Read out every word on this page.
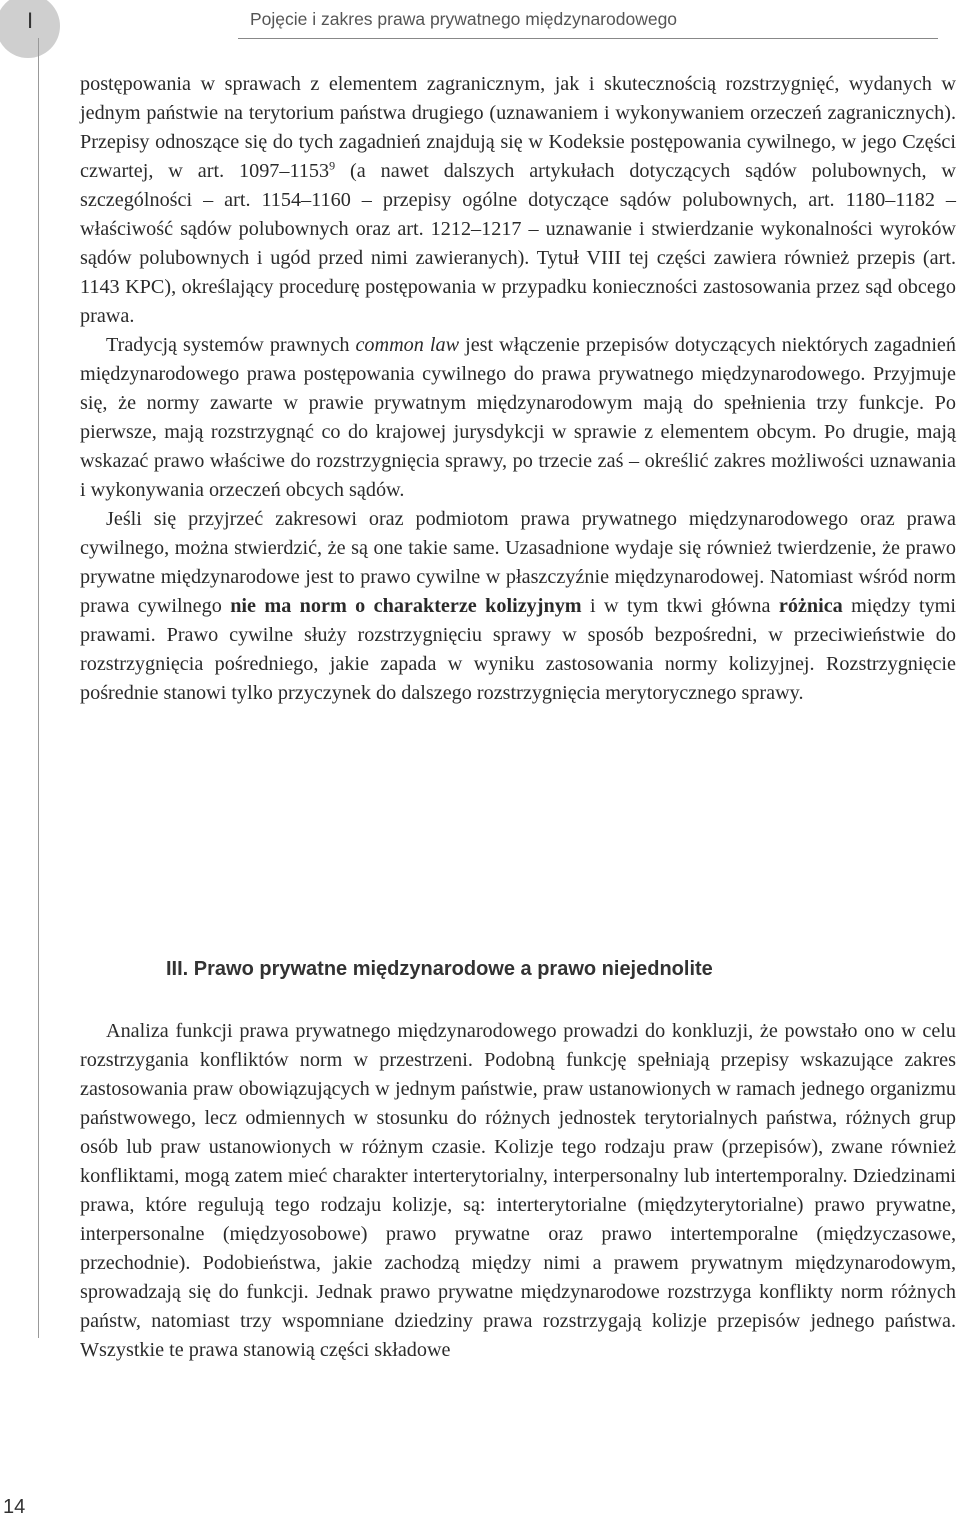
I	Pojęcie i zakres prawa prywatnego międzynarodowego

postępowania w sprawach z elementem zagranicznym, jak i skutecznością rozstrzygnięć, wydanych w jednym państwie na terytorium państwa drugiego (uznawaniem i wykonywaniem orzeczeń zagranicznych). Przepisy odnoszące się do tych zagadnień znajdują się w Kodeksie postępowania cywilnego, w jego Części czwartej, w art. 1097–1153$^9$ (a nawet dalszych artykułach dotyczących sądów polubownych, w szczególności – art. 1154–1160 – przepisy ogólne dotyczące sądów polubownych, art. 1180–1182 – właściwość sądów polubownych oraz art. 1212–1217 – uznawanie i stwierdzanie wykonalności wyroków sądów polubownych i ugód przed nimi zawieranych). Tytuł VIII tej części zawiera również przepis (art. 1143 KPC), określający procedurę postępowania w przypadku konieczności zastosowania przez sąd obcego prawa.

Tradycją systemów prawnych common law jest włączenie przepisów dotyczących niektórych zagadnień międzynarodowego prawa postępowania cywilnego do prawa prywatnego międzynarodowego. Przyjmuje się, że normy zawarte w prawie prywatnym międzynarodowym mają do spełnienia trzy funkcje. Po pierwsze, mają rozstrzygnąć co do krajowej jurysdykcji w sprawie z elementem obcym. Po drugie, mają wskazać prawo właściwe do rozstrzygnięcia sprawy, po trzecie zaś – określić zakres możliwości uznawania i wykonywania orzeczeń obcych sądów.

Jeśli się przyjrzeć zakresowi oraz podmiotom prawa prywatnego międzynarodowego oraz prawa cywilnego, można stwierdzić, że są one takie same. Uzasadnione wydaje się również twierdzenie, że prawo prywatne międzynarodowe jest to prawo cywilne w płaszczyźnie międzynarodowej. Natomiast wśród norm prawa cywilnego nie ma norm o charakterze kolizyjnym i w tym tkwi główna różnica między tymi prawami. Prawo cywilne służy rozstrzygnięciu sprawy w sposób bezpośredni, w przeciwieństwie do rozstrzygnięcia pośredniego, jakie zapada w wyniku zastosowania normy kolizyjnej. Rozstrzygnięcie pośrednie stanowi tylko przyczynek do dalszego rozstrzygnięcia merytorycznego sprawy.

III. Prawo prywatne międzynarodowe a prawo niejednolite

Analiza funkcji prawa prywatnego międzynarodowego prowadzi do konkluzji, że powstało ono w celu rozstrzygania konfliktów norm w przestrzeni. Podobną funkcję spełniają przepisy wskazujące zakres zastosowania praw obowiązujących w jednym państwie, praw ustanowionych w ramach jednego organizmu państwowego, lecz odmiennych w stosunku do różnych jednostek terytorialnych państwa, różnych grup osób lub praw ustanowionych w różnym czasie. Kolizje tego rodzaju praw (przepisów), zwane również konfliktami, mogą zatem mieć charakter interterytorialny, interpersonalny lub intertemporalny. Dziedzinami prawa, które regulują tego rodzaju kolizje, są: interterytorialne (międzyterytorialne) prawo prywatne, interpersonalne (międzyosobowe) prawo prywatne oraz prawo intertemporalne (międzyczasowe, przechodnie). Podobieństwa, jakie zachodzą między nimi a prawem prywatnym międzynarodowym, sprowadzają się do funkcji. Jednak prawo prywatne międzynarodowe rozstrzyga konflikty norm różnych państw, natomiast trzy wspomniane dziedziny prawa rozstrzygają kolizje przepisów jednego państwa. Wszystkie te prawa stanowią części składowe

14
